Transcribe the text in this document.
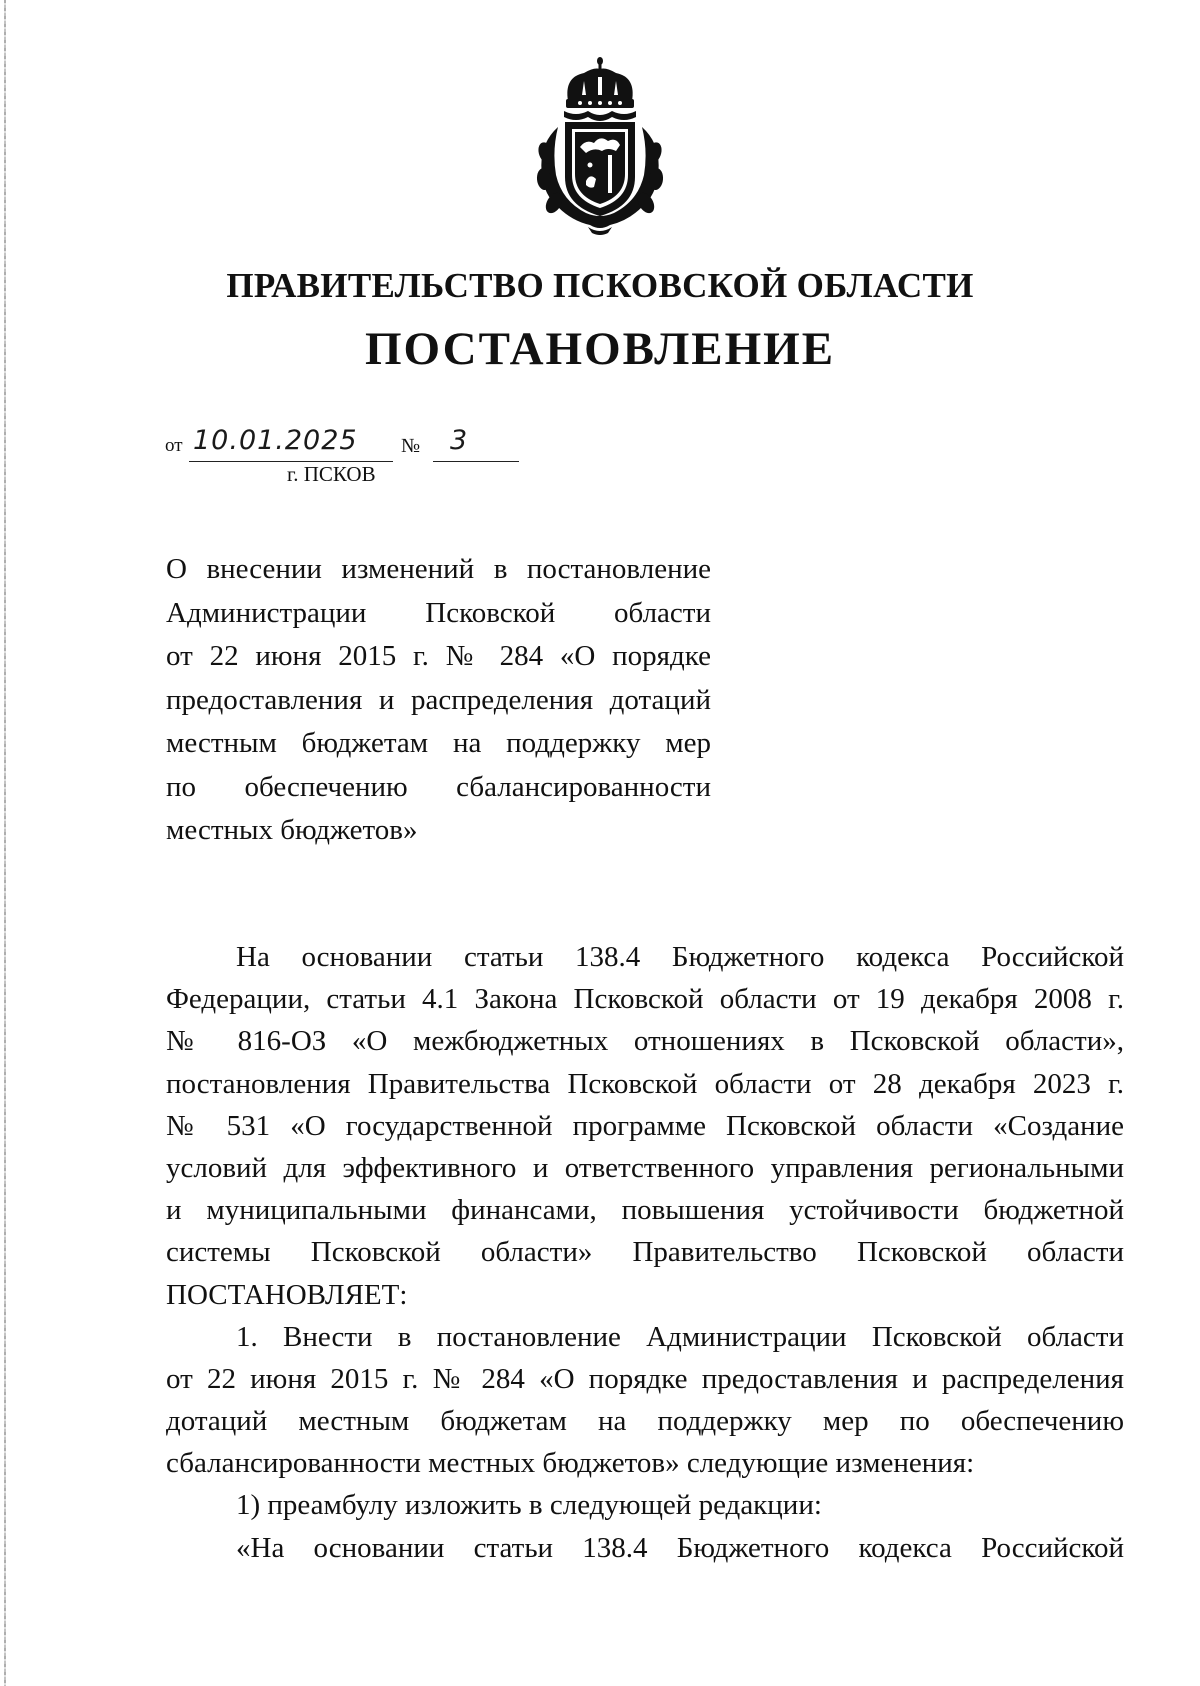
ПРАВИТЕЛЬСТВО ПСКОВСКОЙ ОБЛАСТИ
ПОСТАНОВЛЕНИЕ
от 10.01.2025 № 3
г. ПСКОВ
О внесении изменений в постановление
Администрации Псковской области
от 22 июня 2015 г. № 284 «О порядке
предоставления и распределения дотаций
местным бюджетам на поддержку мер
по обеспечению сбалансированности
местных бюджетов»
На основании статьи 138.4 Бюджетного кодекса Российской
Федерации, статьи 4.1 Закона Псковской области от 19 декабря 2008 г.
№ 816-ОЗ «О межбюджетных отношениях в Псковской области»,
постановления Правительства Псковской области от 28 декабря 2023 г.
№ 531 «О государственной программе Псковской области «Создание
условий для эффективного и ответственного управления региональными
и муниципальными финансами, повышения устойчивости бюджетной
системы Псковской области» Правительство Псковской области
ПОСТАНОВЛЯЕТ:
1. Внести в постановление Администрации Псковской области
от 22 июня 2015 г. № 284 «О порядке предоставления и распределения
дотаций местным бюджетам на поддержку мер по обеспечению
сбалансированности местных бюджетов» следующие изменения:
1) преамбулу изложить в следующей редакции:
«На основании статьи 138.4 Бюджетного кодекса Российской
